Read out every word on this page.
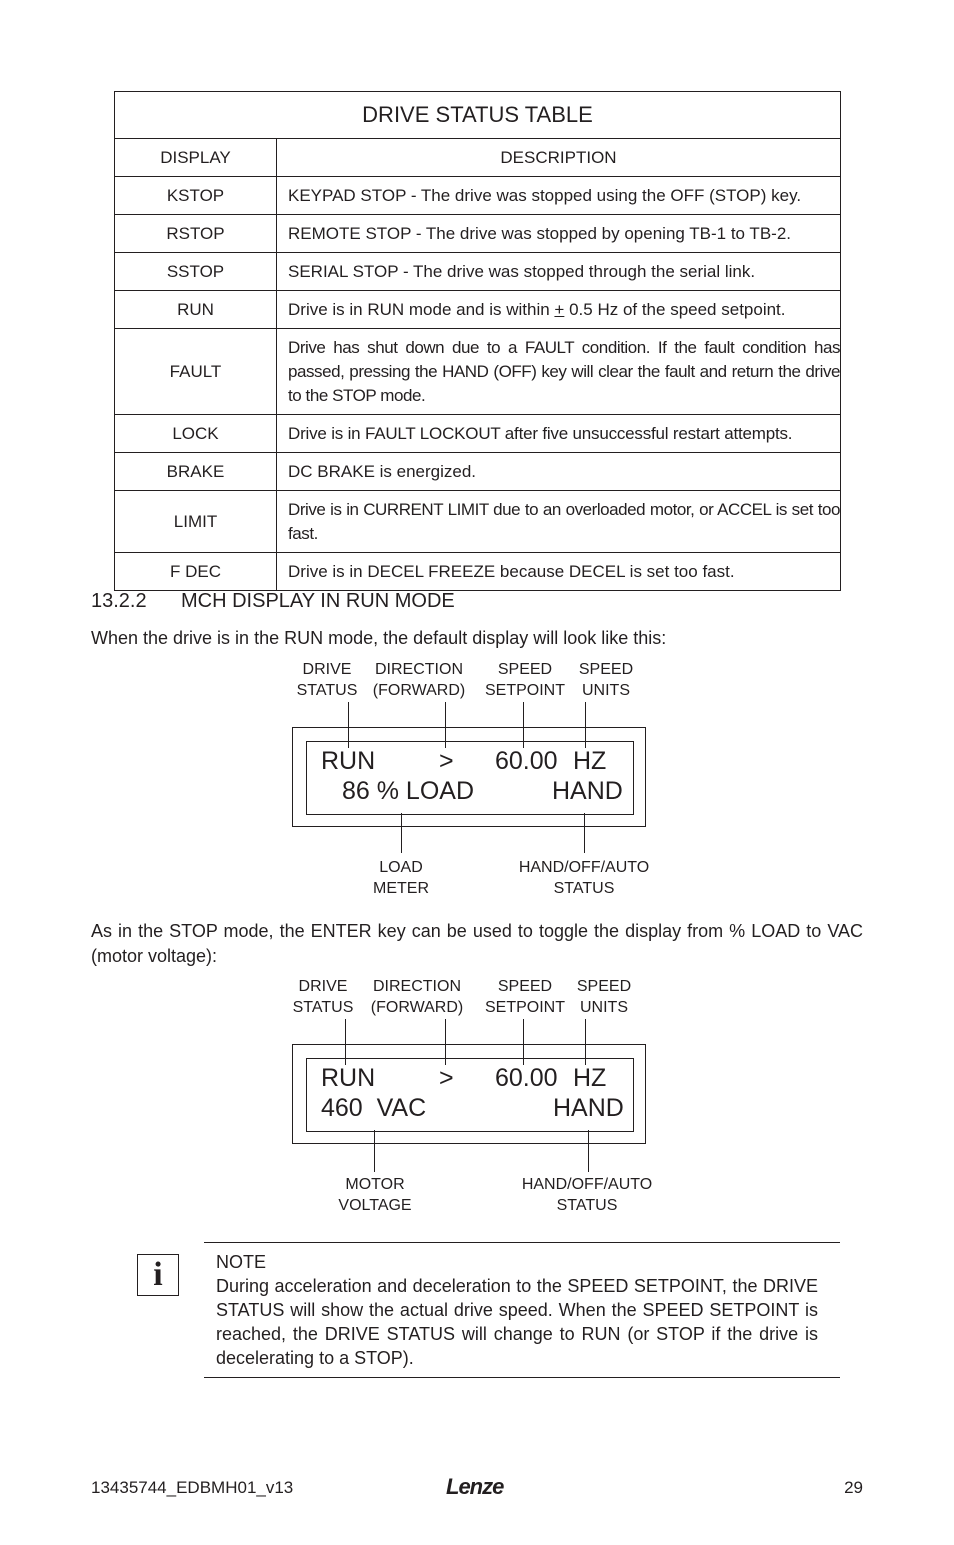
DRIVE STATUS TABLE	
DISPLAY	DESCRIPTION
KSTOP	KEYPAD STOP - The drive was stopped using the OFF (STOP) key.
RSTOP	REMOTE STOP - The drive was stopped by opening TB-1 to TB-2.
SSTOP	SERIAL STOP - The drive was stopped through the serial link.
RUN	Drive is in RUN mode and is within + 0.5 Hz of the speed setpoint.
FAULT	Drive has shut down due to a FAULT condition. If the fault condition has passed, pressing the HAND (OFF) key will clear the fault and return the drive to the STOP mode.
LOCK	Drive is in FAULT LOCKOUT after five unsuccessful restart attempts.
BRAKE	DC BRAKE is energized.
LIMIT	Drive is in CURRENT LIMIT due to an overloaded motor, or ACCEL is set too fast.
F DEC	Drive is in DECEL FREEZE because DECEL is set too fast.
13.2.2 MCH DISPLAY IN RUN MODE
When the drive is in the RUN mode, the default display will look like this:
DRIVE
STATUS
DIRECTION
(FORWARD)
SPEED
SETPOINT
SPEED
UNITS
RUN	> 60.00 HZ
86 % LOAD	HAND
LOAD
METER
HAND/OFF/AUTO
STATUS
As in the STOP mode, the ENTER key can be used to toggle the display from % LOAD to VAC (motor voltage):
DRIVE
STATUS
DIRECTION
(FORWARD)
SPEED
SETPOINT
SPEED
UNITS
RUN	> 60.00 HZ
460  VAC	HAND
MOTOR
VOLTAGE
HAND/OFF/AUTO
STATUS
i	NOTE
During acceleration and deceleration to the SPEED SETPOINT, the DRIVE STATUS will show the actual drive speed. When the SPEED SETPOINT is reached, the DRIVE STATUS will change to RUN (or STOP if the drive is decelerating to a STOP).
13435744_EDBMH01_v13	Lenze	29
